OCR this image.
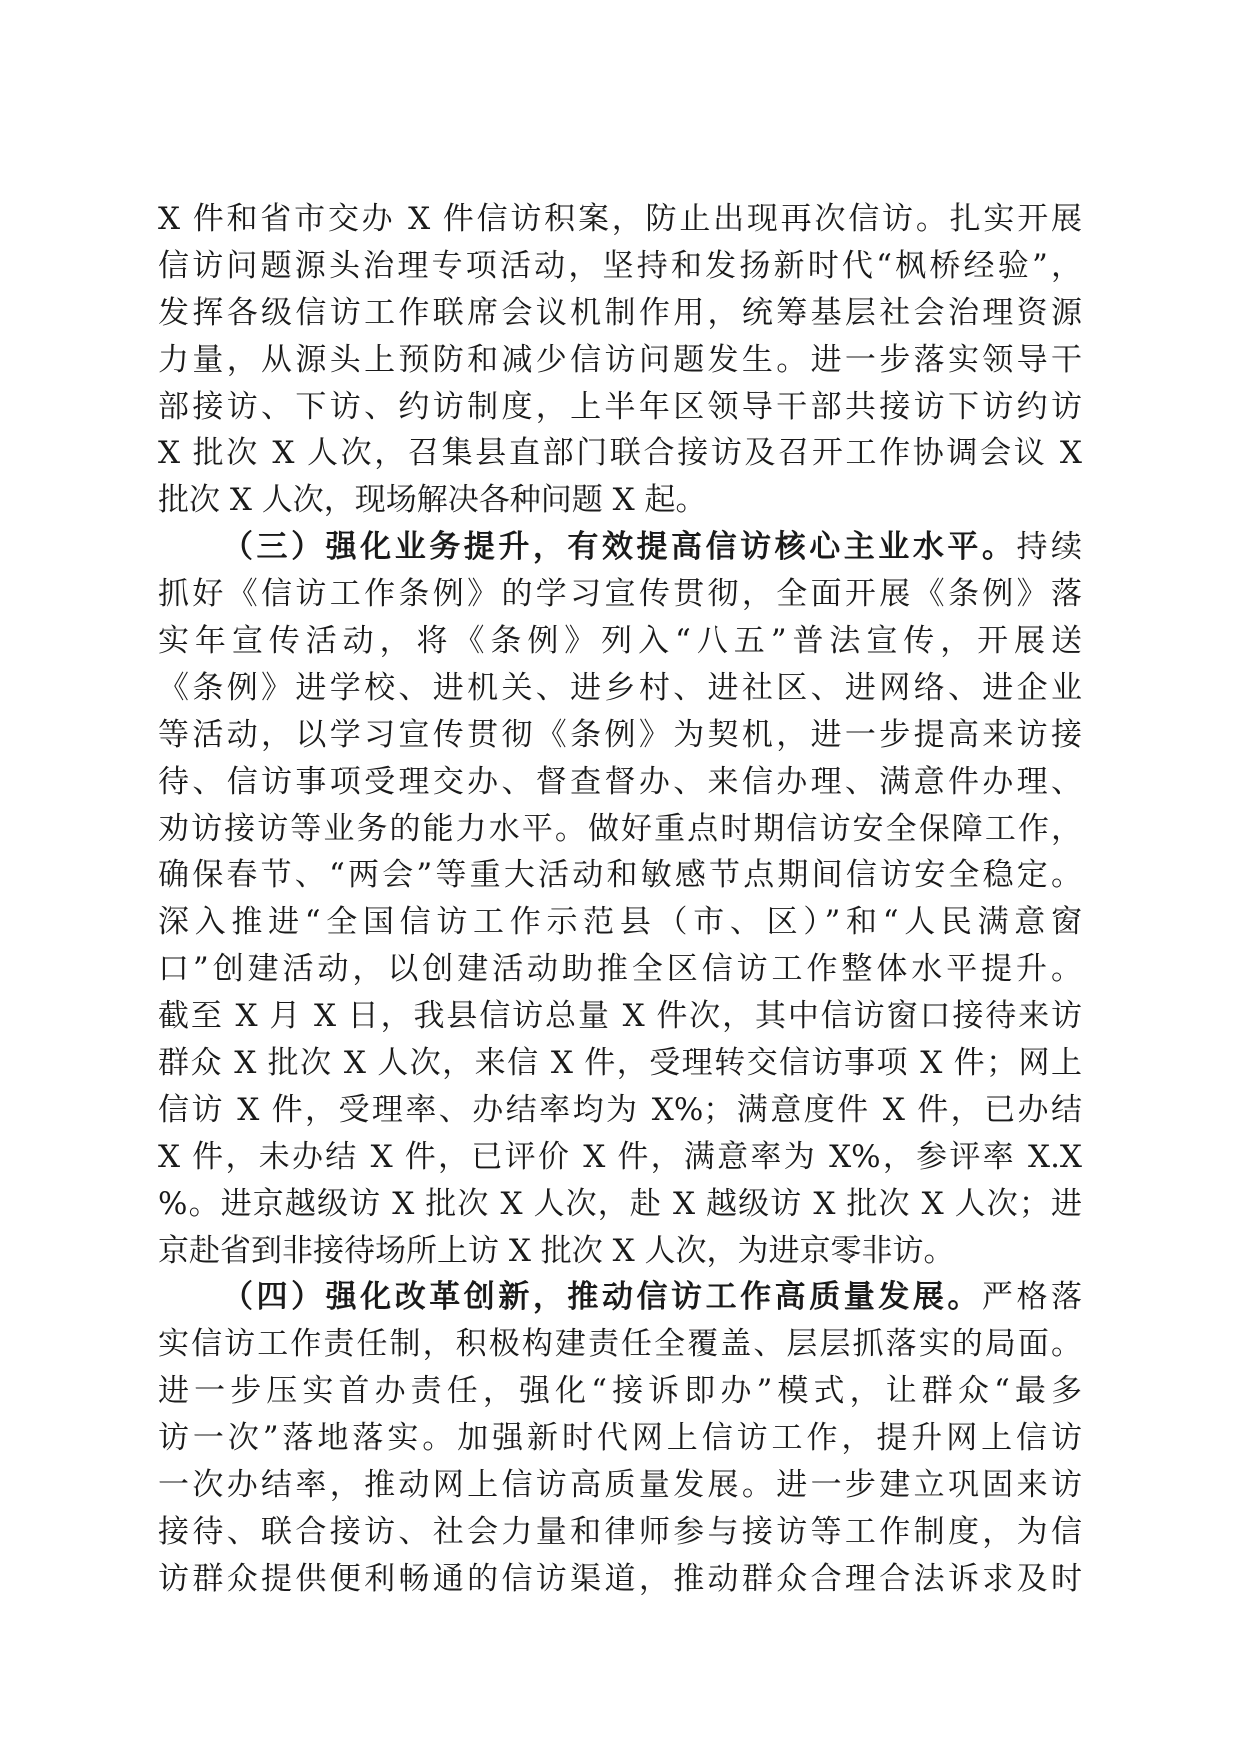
X 件和省市交办 X 件信访积案，防止出现再次信访。扎实开展
信访问题源头治理专项活动，坚持和发扬新时代“枫桥经验”，
发挥各级信访工作联席会议机制作用，统筹基层社会治理资源
力量，从源头上预防和减少信访问题发生。进一步落实领导干
部接访、下访、约访制度，上半年区领导干部共接访下访约访
X 批次 X 人次，召集县直部门联合接访及召开工作协调会议 X
批次 X 人次，现场解决各种问题 X 起。
（三）强化业务提升，有效提高信访核心主业水平。持续
抓好《信访工作条例》的学习宣传贯彻，全面开展《条例》落
实年宣传活动，将《条例》列入“八五”普法宣传，开展送
《条例》进学校、进机关、进乡村、进社区、进网络、进企业
等活动，以学习宣传贯彻《条例》为契机，进一步提高来访接
待、信访事项受理交办、督查督办、来信办理、满意件办理、
劝访接访等业务的能力水平。做好重点时期信访安全保障工作，
确保春节、“两会”等重大活动和敏感节点期间信访安全稳定。
深入推进“全国信访工作示范县（市、区）”和“人民满意窗
口”创建活动，以创建活动助推全区信访工作整体水平提升。
截至 X 月 X 日，我县信访总量 X 件次，其中信访窗口接待来访
群众 X 批次 X 人次，来信 X 件，受理转交信访事项 X 件；网上
信访 X 件，受理率、办结率均为 X%；满意度件 X 件，已办结
X 件，未办结 X 件，已评价 X 件，满意率为 X%，参评率 X.X
%。进京越级访 X 批次 X 人次，赴 X 越级访 X 批次 X 人次；进
京赴省到非接待场所上访 X 批次 X 人次，为进京零非访。
（四）强化改革创新，推动信访工作高质量发展。严格落
实信访工作责任制，积极构建责任全覆盖、层层抓落实的局面。
进一步压实首办责任，强化“接诉即办”模式，让群众“最多
访一次”落地落实。加强新时代网上信访工作，提升网上信访
一次办结率，推动网上信访高质量发展。进一步建立巩固来访
接待、联合接访、社会力量和律师参与接访等工作制度，为信
访群众提供便利畅通的信访渠道，推动群众合理合法诉求及时
